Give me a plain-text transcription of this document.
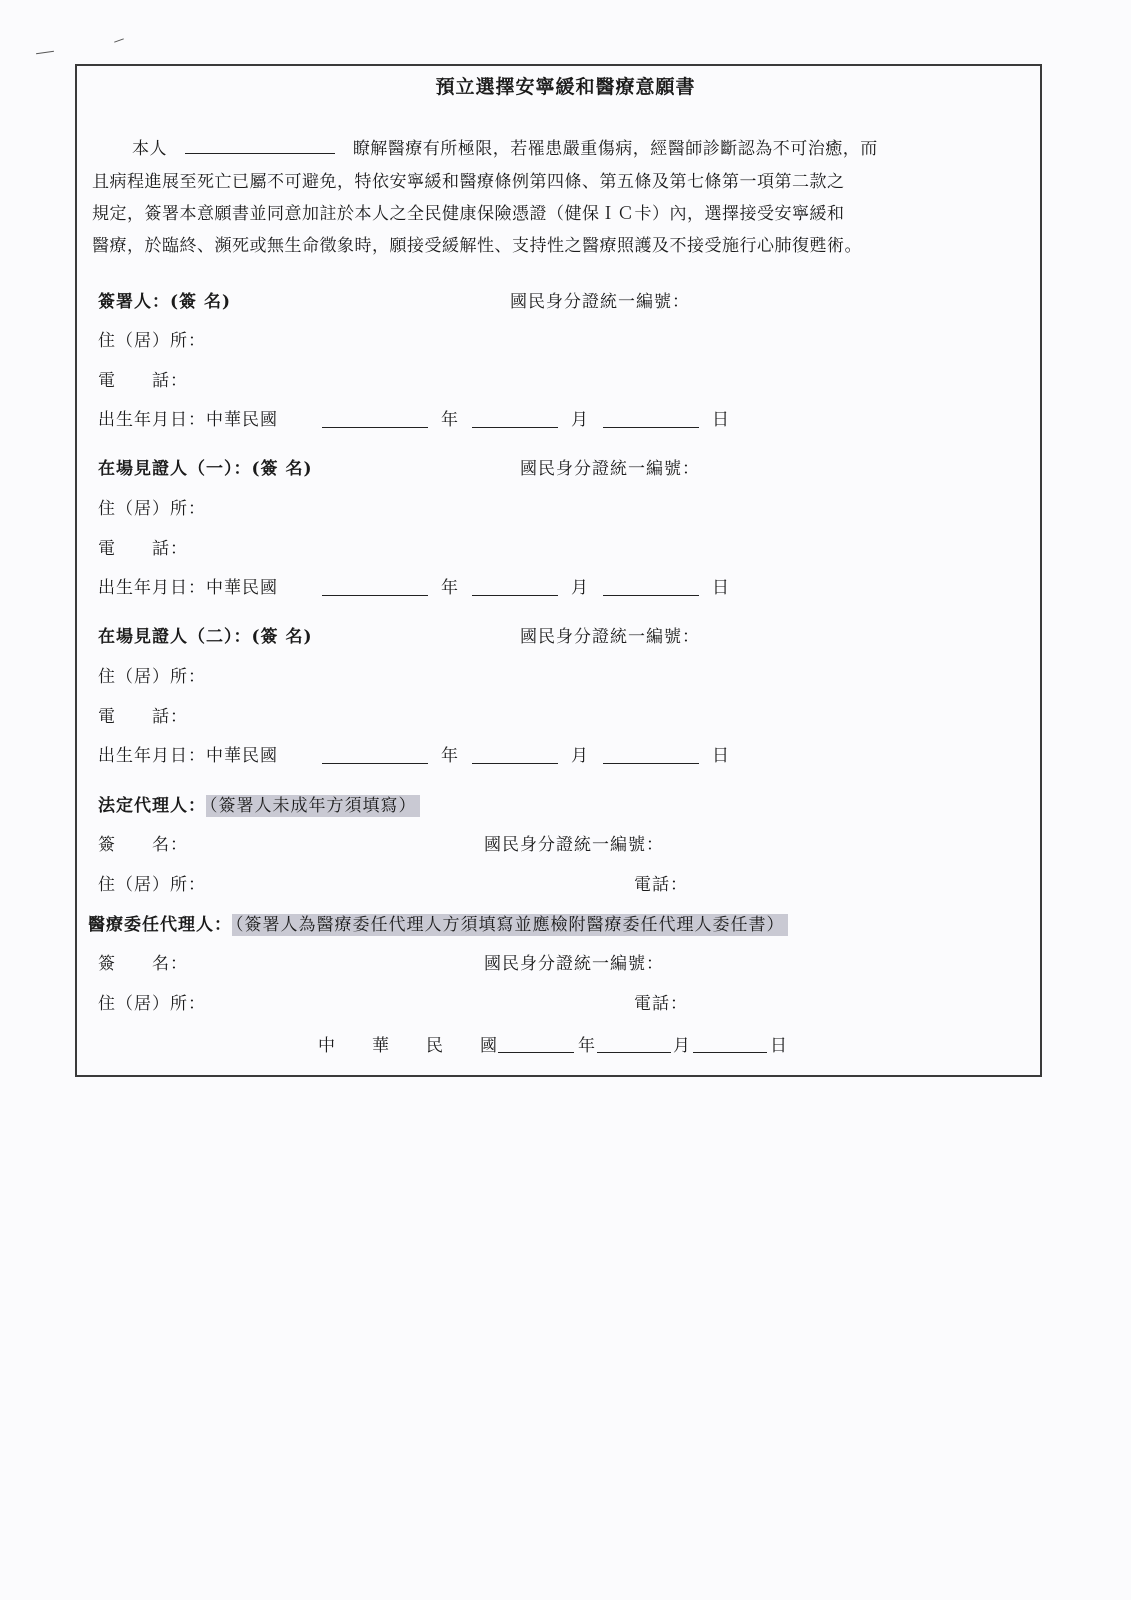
預立選擇安寧緩和醫療意願書
本人	瞭解醫療有所極限，若罹患嚴重傷病，經醫師診斷認為不可治癒，而
且病程進展至死亡已屬不可避免，特依安寧緩和醫療條例第四條、第五條及第七條第一項第二款之
規定，簽署本意願書並同意加註於本人之全民健康保險憑證（健保ＩＣ卡）內，選擇接受安寧緩和
醫療，於臨終、瀕死或無生命徵象時，願接受緩解性、支持性之醫療照護及不接受施行心肺復甦術。
簽署人：(簽 名)	國民身分證統一編號：
住（居）所：
電　　話：
出生年月日：中華民國	年	月	日
在場見證人（一）：(簽 名)	國民身分證統一編號：
住（居）所：
電　　話：
出生年月日：中華民國	年	月	日
在場見證人（二）：(簽 名)	國民身分證統一編號：
住（居）所：
電　　話：
出生年月日：中華民國	年	月	日
法定代理人： （簽署人未成年方須填寫）
簽　　名：	國民身分證統一編號：
住（居）所：	電話：
醫療委任代理人： （簽署人為醫療委任代理人方須填寫並應檢附醫療委任代理人委任書）
簽　　名：	國民身分證統一編號：
住（居）所：	電話：
中　　華　　民　　國	年	月	日
